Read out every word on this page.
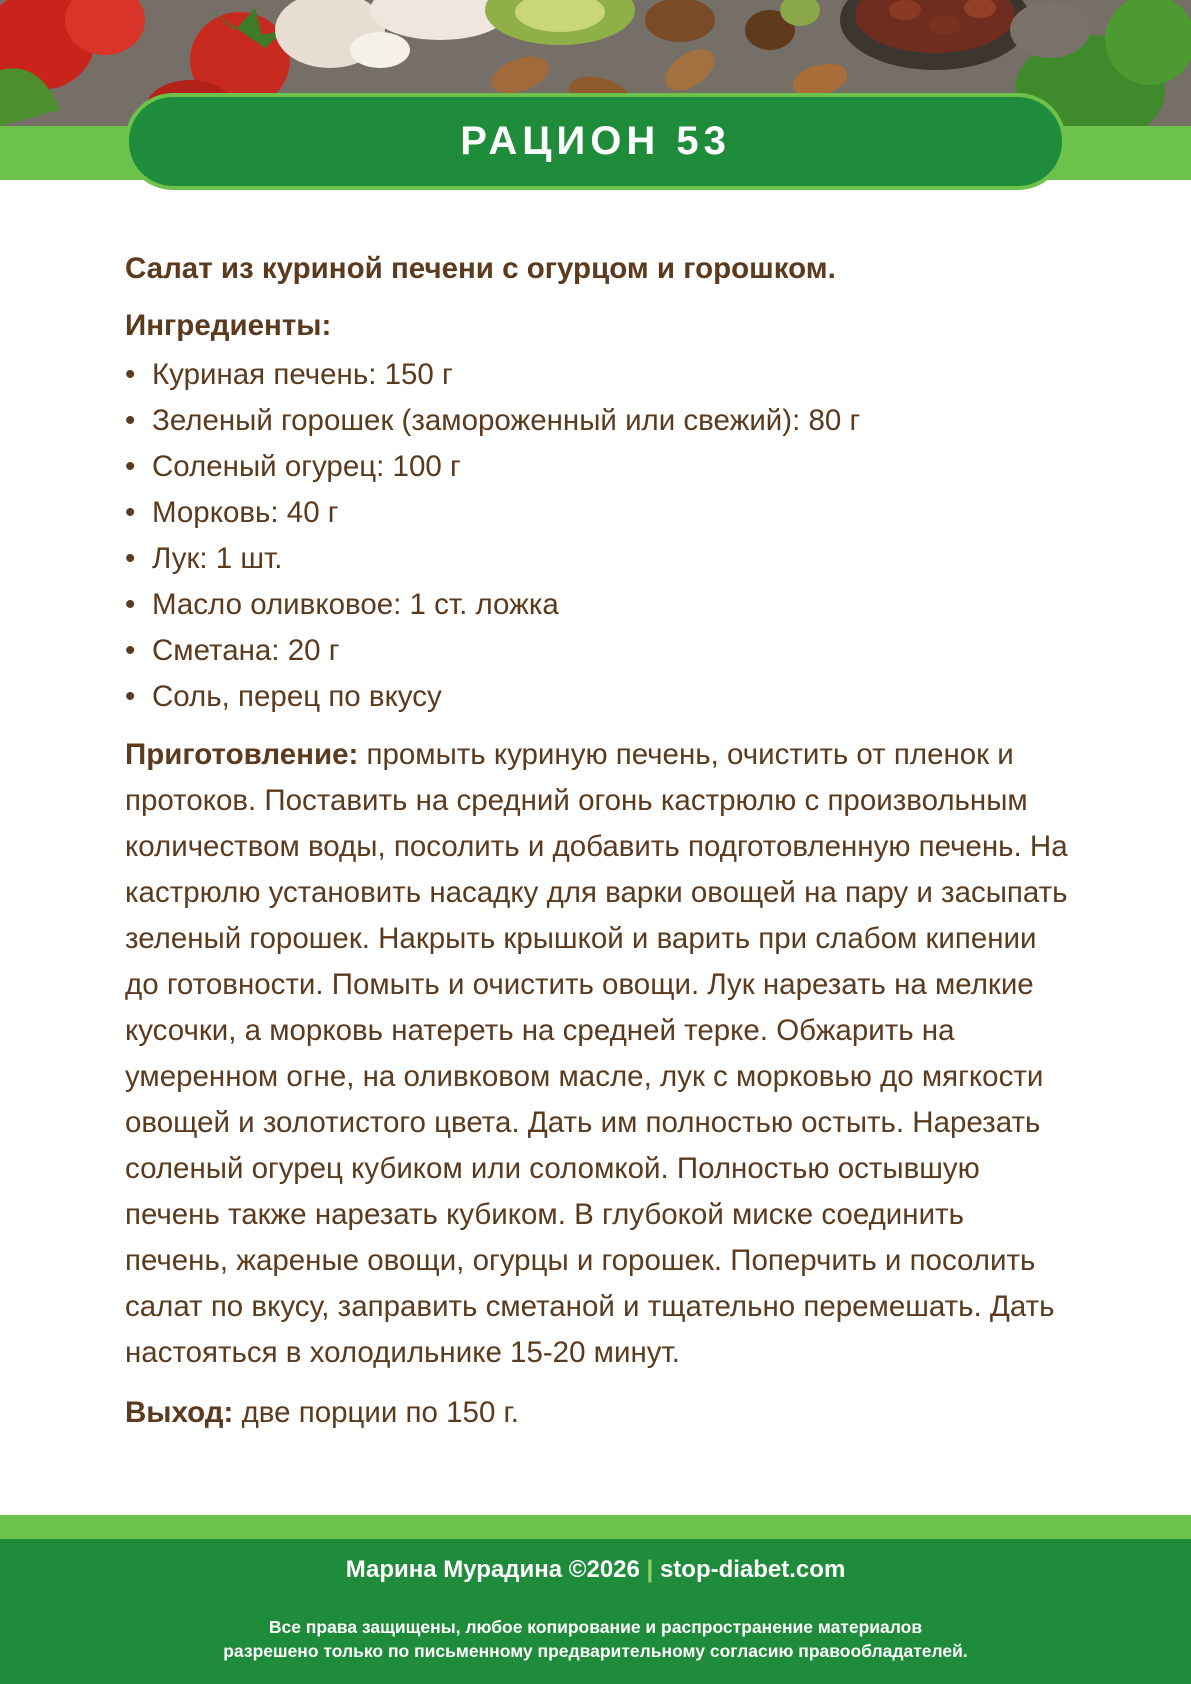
РАЦИОН 53
Салат из куриной печени с огурцом и горошком.
Ингредиенты:
• Куриная печень: 150 г
• Зеленый горошек (замороженный или свежий): 80 г
• Соленый огурец: 100 г
• Морковь: 40 г
• Лук: 1 шт.
• Масло оливковое: 1 ст. ложка
• Сметана: 20 г
• Соль, перец по вкусу

Приготовление: промыть куриную печень, очистить от пленок и протоков. Поставить на средний огонь кастрюлю с произвольным количеством воды, посолить и добавить подготовленную печень. На кастрюлю установить насадку для варки овощей на пару и засыпать зеленый горошек. Накрыть крышкой и варить при слабом кипении до готовности. Помыть и очистить овощи. Лук нарезать на мелкие кусочки, а морковь натереть на средней терке. Обжарить на умеренном огне, на оливковом масле, лук с морковью до мягкости овощей и золотистого цвета. Дать им полностью остыть. Нарезать соленый огурец кубиком или соломкой. Полностью остывшую печень также нарезать кубиком. В глубокой миске соединить печень, жареные овощи, огурцы и горошек. Поперчить и посолить салат по вкусу, заправить сметаной и тщательно перемешать. Дать настояться в холодильнике 15-20 минут.

Выход: две порции по 150 г.

Марина Мурадина ©2026 | stop-diabet.com
Все права защищены, любое копирование и распространение материалов
разрешено только по письменному предварительному согласию правообладателей.
